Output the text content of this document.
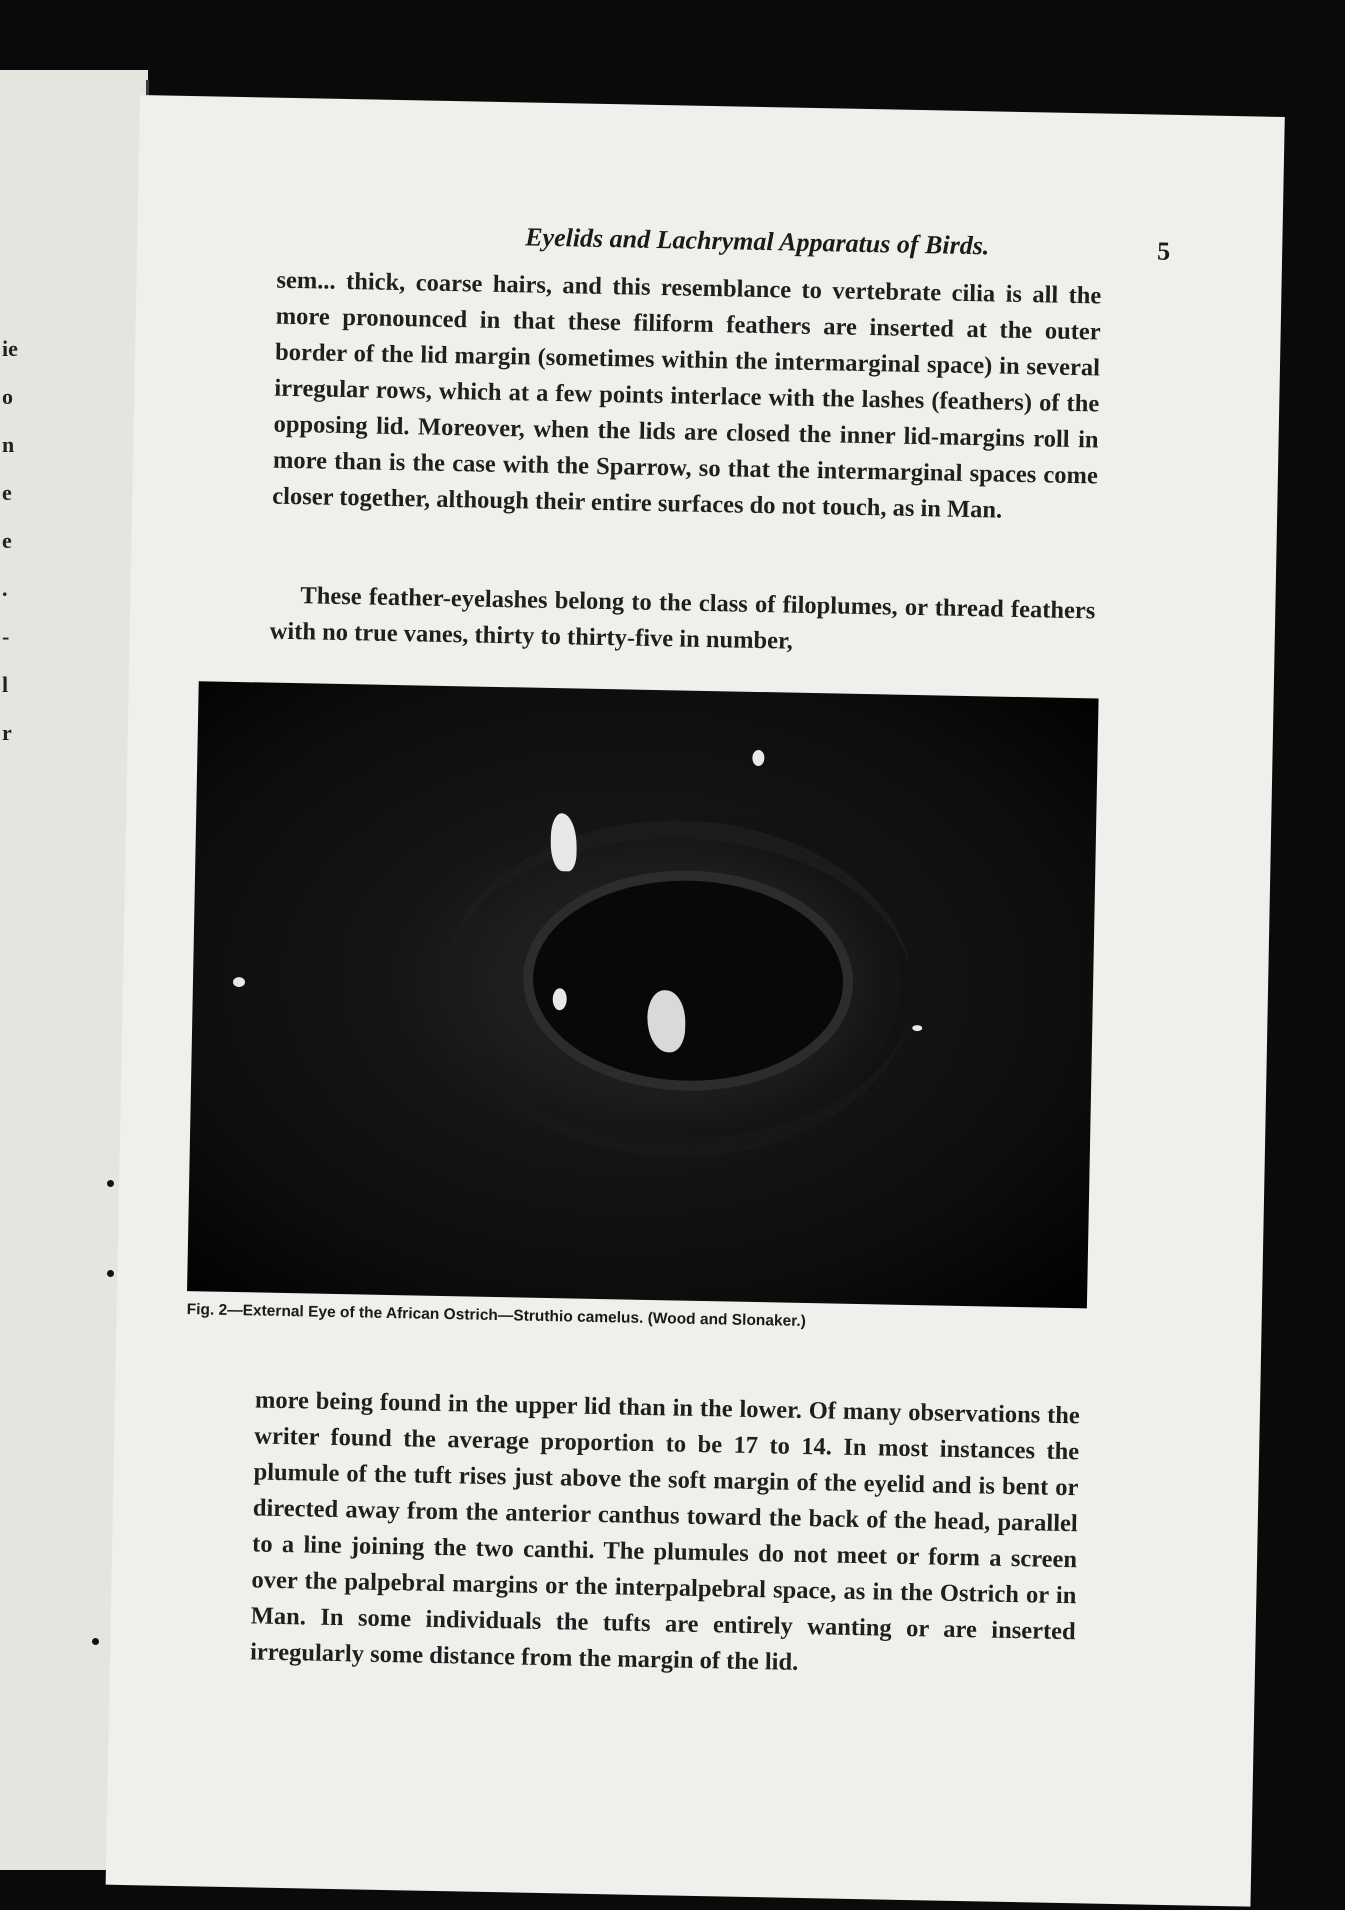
ie
o
n
e
e
.
-
l
r
Eyelids and Lachrymal Apparatus of Birds.	5

sem... thick, coarse hairs, and this resemblance to vertebrate cilia is all the more pronounced in that these filiform feathers are inserted at the outer border of the lid margin (sometimes within the intermarginal space) in several irregular rows, which at a few points interlace with the lashes (feathers) of the opposing lid. Moreover, when the lids are closed the inner lid-margins roll in more than is the case with the Sparrow, so that the intermarginal spaces come closer together, although their entire surfaces do not touch, as in Man.

These feather-eyelashes belong to the class of filoplumes, or thread feathers with no true vanes, thirty to thirty-five in number,

Fig. 2—External Eye of the African Ostrich—Struthio camelus. (Wood and Slonaker.)

more being found in the upper lid than in the lower. Of many observations the writer found the average proportion to be 17 to 14. In most instances the plumule of the tuft rises just above the soft margin of the eyelid and is bent or directed away from the anterior canthus toward the back of the head, parallel to a line joining the two canthi. The plumules do not meet or form a screen over the palpebral margins or the interpalpebral space, as in the Ostrich or in Man. In some individuals the tufts are entirely wanting or are inserted irregularly some distance from the margin of the lid.
